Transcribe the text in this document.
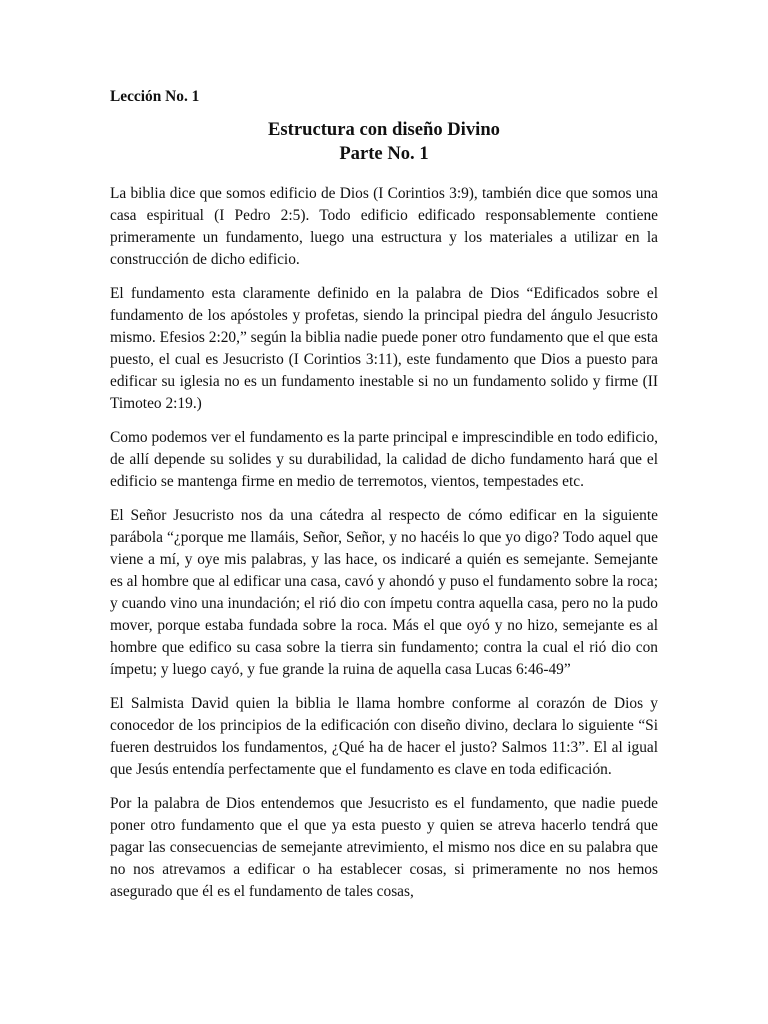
Lección No. 1
Estructura con diseño Divino
Parte No. 1

La biblia dice que somos edificio de Dios (I Corintios 3:9), también dice que somos una casa espiritual (I Pedro 2:5). Todo edificio edificado responsablemente contiene primeramente un fundamento, luego una estructura y los materiales a utilizar en la construcción de dicho edificio.

El fundamento esta claramente definido en la palabra de Dios “Edificados sobre el fundamento de los apóstoles y profetas, siendo la principal piedra del ángulo Jesucristo mismo. Efesios 2:20,” según la biblia nadie puede poner otro fundamento que el que esta puesto, el cual es Jesucristo (I Corintios 3:11), este fundamento que Dios a puesto para edificar su iglesia no es un fundamento inestable si no un fundamento solido y firme (II Timoteo 2:19.)

Como podemos ver el fundamento es la parte principal e imprescindible en todo edificio, de allí depende su solides y su durabilidad, la calidad de dicho fundamento hará que el edificio se mantenga firme en medio de terremotos, vientos, tempestades etc.

El Señor Jesucristo nos da una cátedra al respecto de cómo edificar en la siguiente parábola “¿porque me llamáis, Señor, Señor, y no hacéis lo que yo digo? Todo aquel que viene a mí, y oye mis palabras, y las hace, os indicaré a quién es semejante. Semejante es al hombre que al edificar una casa, cavó y ahondó y puso el fundamento sobre la roca; y cuando vino una inundación; el rió dio con ímpetu contra aquella casa, pero no la pudo mover, porque estaba fundada sobre la roca. Más el que oyó y no hizo, semejante es al hombre que edifico su casa sobre la tierra sin fundamento; contra la cual el rió dio con ímpetu; y luego cayó, y fue grande la ruina de aquella casa Lucas 6:46-49”

El Salmista David quien la biblia le llama hombre conforme al corazón de Dios y conocedor de los principios de la edificación con diseño divino, declara lo siguiente “Si fueren destruidos los fundamentos, ¿Qué ha de hacer el justo? Salmos 11:3”. El al igual que Jesús entendía perfectamente que el fundamento es clave en toda edificación.

Por la palabra de Dios entendemos que Jesucristo es el fundamento, que nadie puede poner otro fundamento que el que ya esta puesto y quien se atreva hacerlo tendrá que pagar las consecuencias de semejante atrevimiento, el mismo nos dice en su palabra que no nos atrevamos a edificar o ha establecer cosas, si primeramente no nos hemos asegurado que él es el fundamento de tales cosas,
